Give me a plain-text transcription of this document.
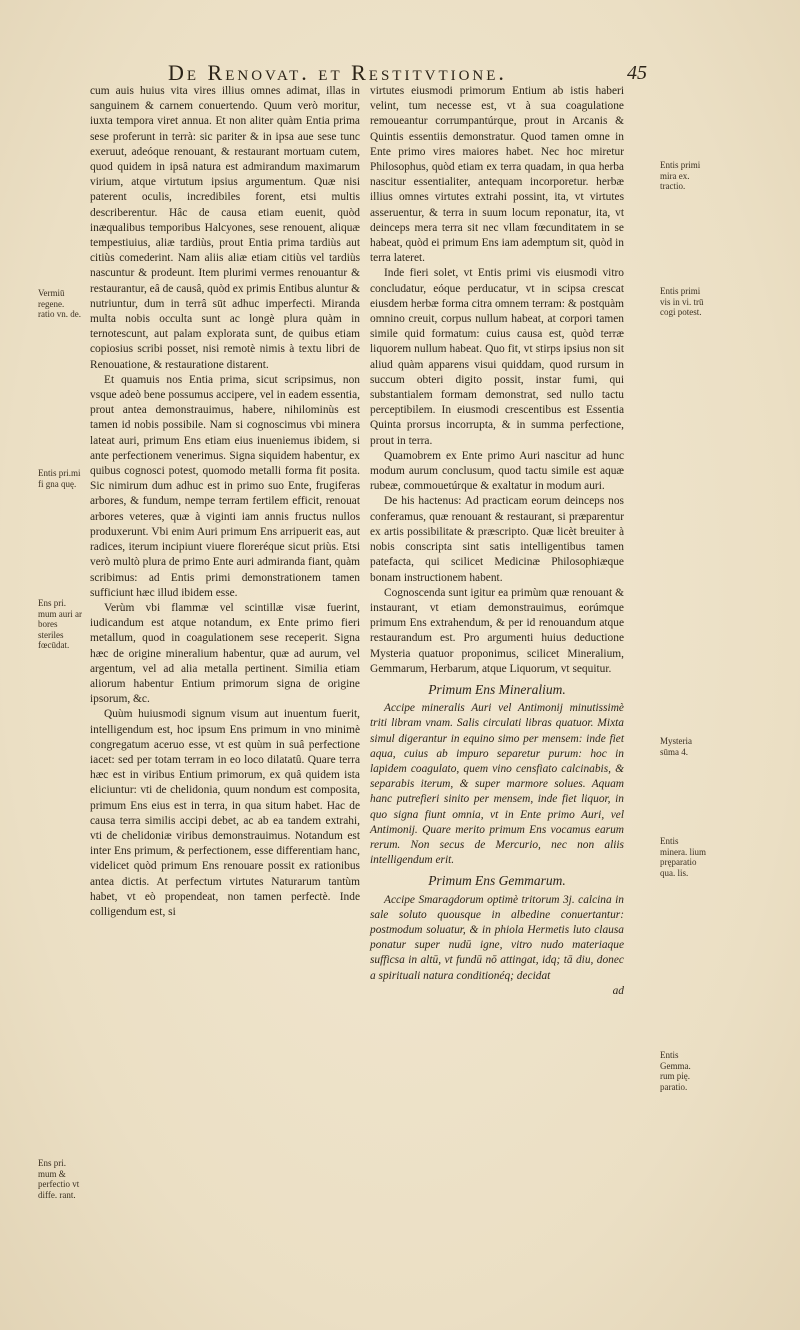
De Renovat. et Restitvtione.	45

cum auis huius vita vires illius omnes adimat, illas in sanguinem & carnem conuertendo. Quum verò moritur, iuxta tempora viret annua. Et non aliter quàm Entia prima sese proferunt in terrà: sic pariter & in ipsa aue sese tunc exeruut, adeóque renouant, & restaurant mortuam cutem, quod quidem in ipsâ natura est admirandum maximarum virium, atque virtutum ipsius argumentum. Quæ nisi paterent oculis, incredibiles forent, etsi multis describerentur. Hâc de causa etiam euenit, quòd inæqualibus temporibus Halcyones, sese renouent, aliquæ tempestiuius, aliæ tardiùs, prout Entia prima tardiùs aut citiùs comederint. Nam aliis aliæ etiam citiùs vel tardiùs nascuntur & prodeunt. Item plurimi vermes renouantur & restaurantur, eâ de causâ, quòd ex primis Entibus aluntur & nutriuntur, dum in terrâ sūt adhuc imperfecti. Miranda multa nobis occulta sunt ac longè plura quàm in ternotescunt, aut palam explorata sunt, de quibus etiam copiosius scribi posset, nisi remotè nimis à textu libri de Renouatione, & restauratione distarent.

Et quamuis nos Entia prima, sicut scripsimus, non vsque adeò bene possumus accipere, vel in eadem essentia, prout antea demonstrauimus, habere, nihilominùs est tamen id nobis possibile. Nam si cognoscimus vbi minera lateat auri, primum Ens etiam eius inueniemus ibidem, si ante perfectionem venerimus. Signa siquidem habentur, ex quibus cognosci potest, quomodo metalli forma fit posita. Sic nimirum dum adhuc est in primo suo Ente, frugiferas arbores, & fundum, nempe terram fertilem efficit, renouat arbores veteres, quæ à viginti iam annis fructus nullos produxerunt. Vbi enim Auri primum Ens arripuerit eas, aut radices, iterum incipiunt viuere floreréque sicut priùs. Etsi verò multò plura de primo Ente auri admiranda fiant, quàm scribimus: ad Entis primi demonstrationem tamen sufficiunt hæc illud ibidem esse.

Verùm vbi flammæ vel scintillæ visæ fuerint, iudicandum est atque notandum, ex Ente primo fieri metallum, quod in coagulationem sese receperit. Signa hæc de origine mineralium habentur, quæ ad aurum, vel argentum, vel ad alia metalla pertinent. Similia etiam aliorum habentur Entium primorum signa de origine ipsorum, &c.

Quùm huiusmodi signum visum aut inuentum fuerit, intelligendum est, hoc ipsum Ens primum in vno minimè congregatum aceruo esse, vt est quùm in suâ perfectione iacet: sed per totam terram in eo loco dilatatû. Quare terra hæc est in viribus Entium primorum, ex quâ quidem ista eliciuntur: vti de chelidonia, quum nondum est composita, primum Ens eius est in terra, in qua situm habet. Hac de causa terra similis accipi debet, ac ab ea tandem extrahi, vti de chelidoniæ viribus demonstrauimus. Notandum est inter Ens primum, & perfectionem, esse differentiam hanc, videlicet quòd primum Ens renouare possit ex rationibus antea dictis. At perfectum virtutes Naturarum tantùm habet, vt eò propendeat, non tamen perfectè. Inde colligendum est, si

virtutes eiusmodi primorum Entium ab istis haberi velint, tum necesse est, vt à sua coagulatione remoueantur corrumpantúrque, prout in Arcanis & Quintis essentiis demonstratur. Quod tamen omne in Ente primo vires maiores habet. Nec hoc miretur Philosophus, quòd etiam ex terra quadam, in qua herba nascitur essentialiter, antequam incorporetur. herbæ illius omnes virtutes extrahi possint, ita, vt virtutes asseruentur, & terra in suum locum reponatur, ita, vt deinceps mera terra sit nec vllam fœcunditatem in se habeat, quòd ei primum Ens iam ademptum sit, quòd in terra lateret.

Inde fieri solet, vt Entis primi vis eiusmodi vitro concludatur, eóque perducatur, vt in scipsa crescat eiusdem herbæ forma citra omnem terram: & postquàm omnino creuit, corpus nullum habeat, at corpori tamen simile quid formatum: cuius causa est, quòd terræ liquorem nullum habeat. Quo fit, vt stirps ipsius non sit aliud quàm apparens visui quiddam, quod rursum in succum obteri digito possit, instar fumi, qui substantialem formam demonstrat, sed nullo tactu perceptibilem. In eiusmodi crescentibus est Essentia Quinta prorsus incorrupta, & in summa perfectione, prout in terra.

Quamobrem ex Ente primo Auri nascitur ad hunc modum aurum conclusum, quod tactu simile est aquæ rubeæ, commouetúrque & exaltatur in modum auri.

De his hactenus: Ad practicam eorum deinceps nos conferamus, quæ renouant & restaurant, si præparentur ex artis possibilitate & præscripto. Quæ licèt breuiter à nobis conscripta sint satis intelligentibus tamen patefacta, qui scilicet Medicinæ Philosophiæque bonam instructionem habent.

Cognoscenda sunt igitur ea primùm quæ renouant & instaurant, vt etiam demonstrauimus, eorúmque primum Ens extrahendum, & per id renouandum atque restaurandum est. Pro argumenti huius deductione Mysteria quatuor proponimus, scilicet Mineralium, Gemmarum, Herbarum, atque Liquorum, vt sequitur.

Primum Ens Mineralium.

Accipe mineralis Auri vel Antimonij minutissimè triti libram vnam. Salis circulati libras quatuor. Mixta simul digerantur in equino simo per mensem: inde fiet aqua, cuius ab impuro separetur purum: hoc in lapidem coagulato, quem vino censfiato calcinabis, & separabis iterum, & super marmore solues. Aquam hanc putrefieri sinito per mensem, inde fiet liquor, in quo signa fiunt omnia, vt in Ente primo Auri, vel Antimonij. Quare merito primum Ens vocamus earum rerum. Non secus de Mercurio, nec non aliis intelligendum erit.

Primum Ens Gemmarum.

Accipe Smaragdorum optimè tritorum 3j. calcina in sale soluto quousque in albedine conuertantur: postmodum soluatur, & in phiola Hermetis luto clausa ponatur super nudū igne, vitro nudo materiaque sufficsa in altū, vt fundū nō attingat, idq; tā diu, donec a spirituali natura conditionéq; decidat

ad

Vermiū regene. ratio vn. de.
Entis pri.mi fi gna quę.
Ens pri. mum auri ar bores steriles fœcūdat.
Ens pri. mum & perfectio vt diffe. rant.
Entis primi mira ex. tractio.
Entis primi vis in vi. trū cogi potest.
Mysteria sūma 4.
Entis minera. lium pręparatio qua. lis.
Entis Gemma. rum pię. paratio.
